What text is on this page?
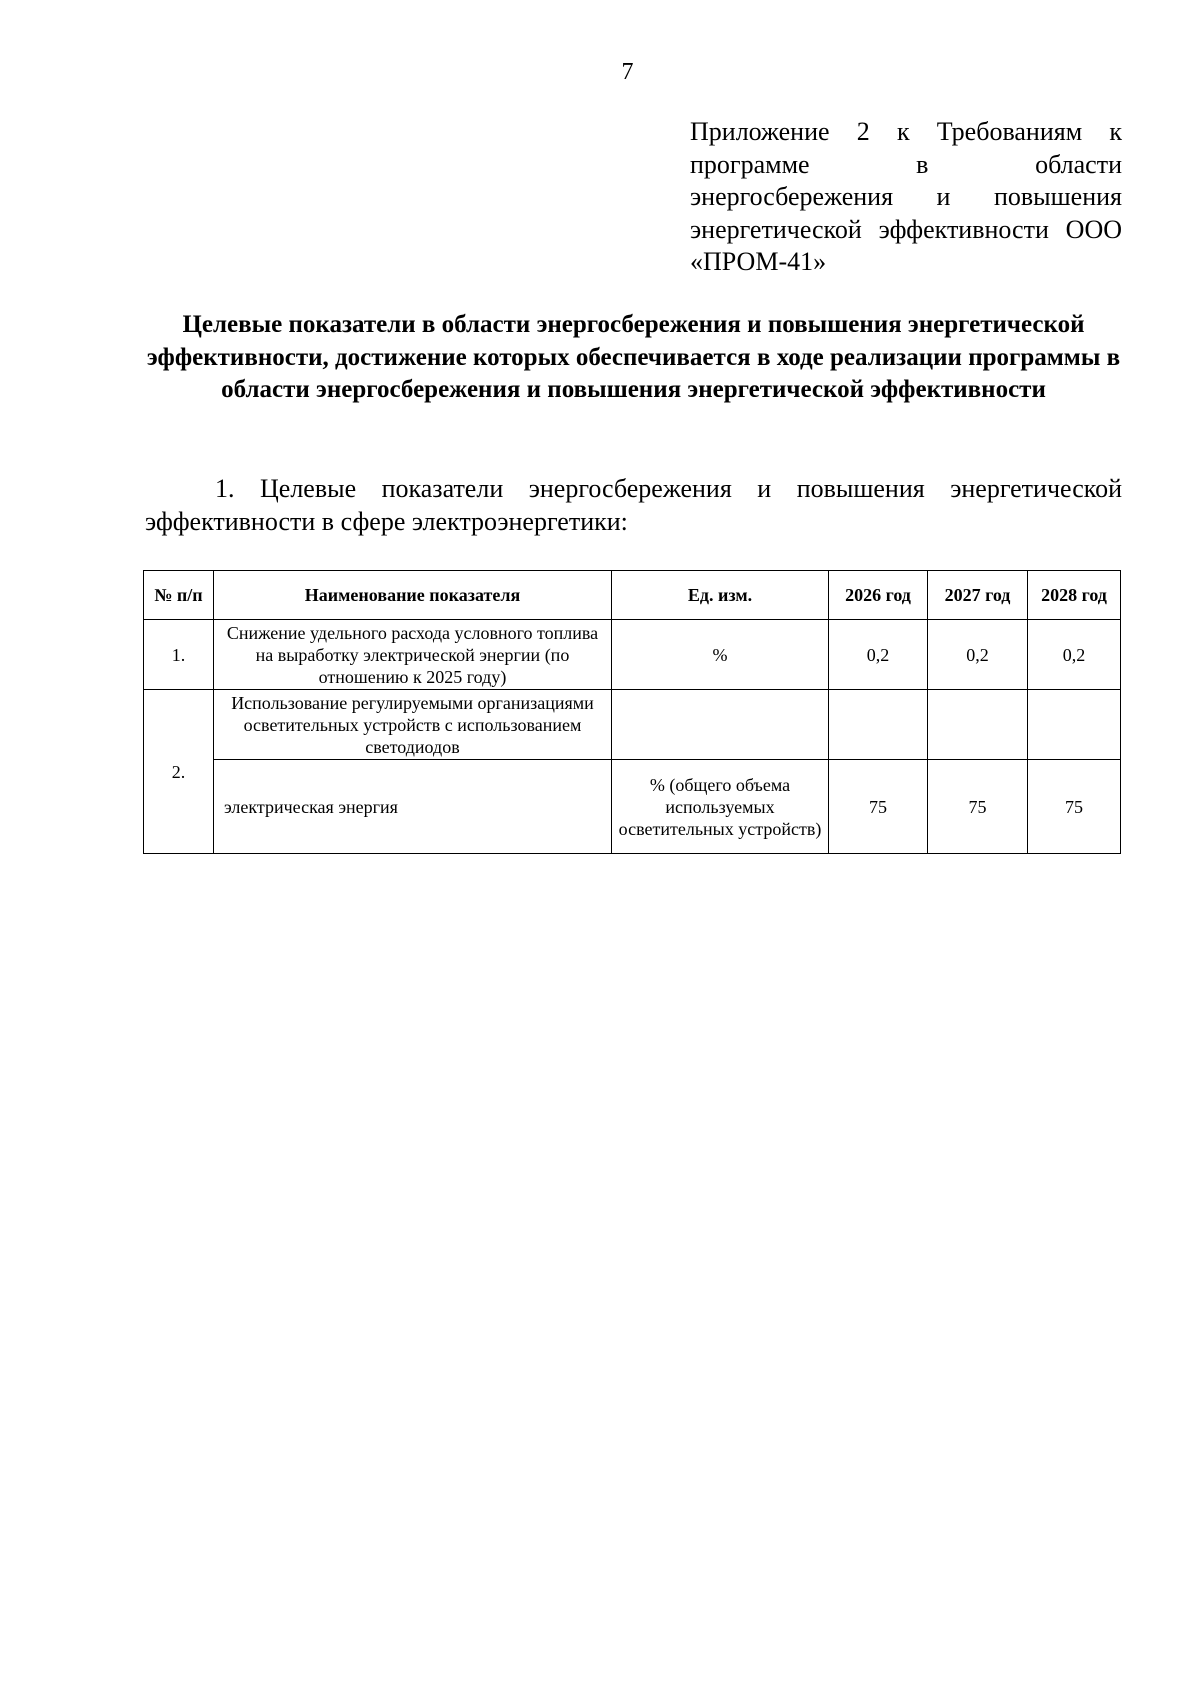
7
Приложение 2 к Требованиям к программе в области энергосбережения и повышения энергетической эффективности ООО «ПРОМ-41»
Целевые показатели в области энергосбережения и повышения энергетической эффективности, достижение которых обеспечивается в ходе реализации программы в области энергосбережения и повышения энергетической эффективности
1. Целевые показатели энергосбережения и повышения энергетической эффективности в сфере электроэнергетики:
№ п/п	Наименование показателя	Ед. изм.	2026 год	2027 год	2028 год
1.	Снижение удельного расхода условного топлива на выработку электрической энергии (по отношению к 2025 году)	%	0,2	0,2	0,2
2.	Использование регулируемыми организациями осветительных устройств с использованием светодиодов				
	электрическая энергия	% (общего объема используемых осветительных устройств)	75	75	75
